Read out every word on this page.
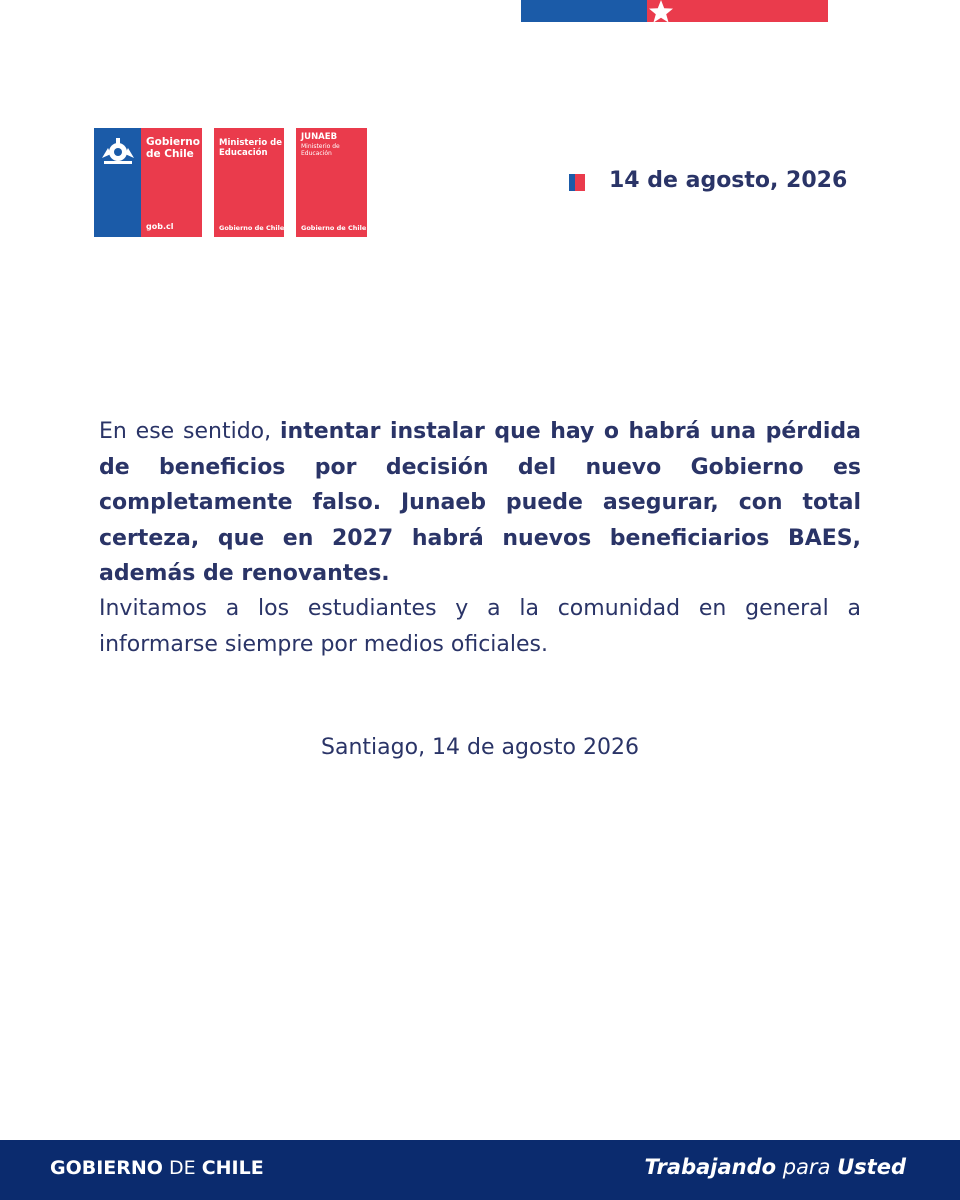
Gobierno de Chile
gob.cl
Ministerio de Educación
Gobierno de Chile
JUNAEB
Ministerio de Educación
Gobierno de Chile
14 de agosto, 2026
En ese sentido, intentar instalar que hay o habrá una pérdida de beneficios por decisión del nuevo Gobierno es completamente falso. Junaeb puede asegurar, con total certeza, que en 2027 habrá nuevos beneficiarios BAES, además de renovantes.
Invitamos a los estudiantes y a la comunidad en general a informarse siempre por medios oficiales.
Santiago, 14 de agosto 2026
GOBIERNO DE CHILE	Trabajando para Usted
